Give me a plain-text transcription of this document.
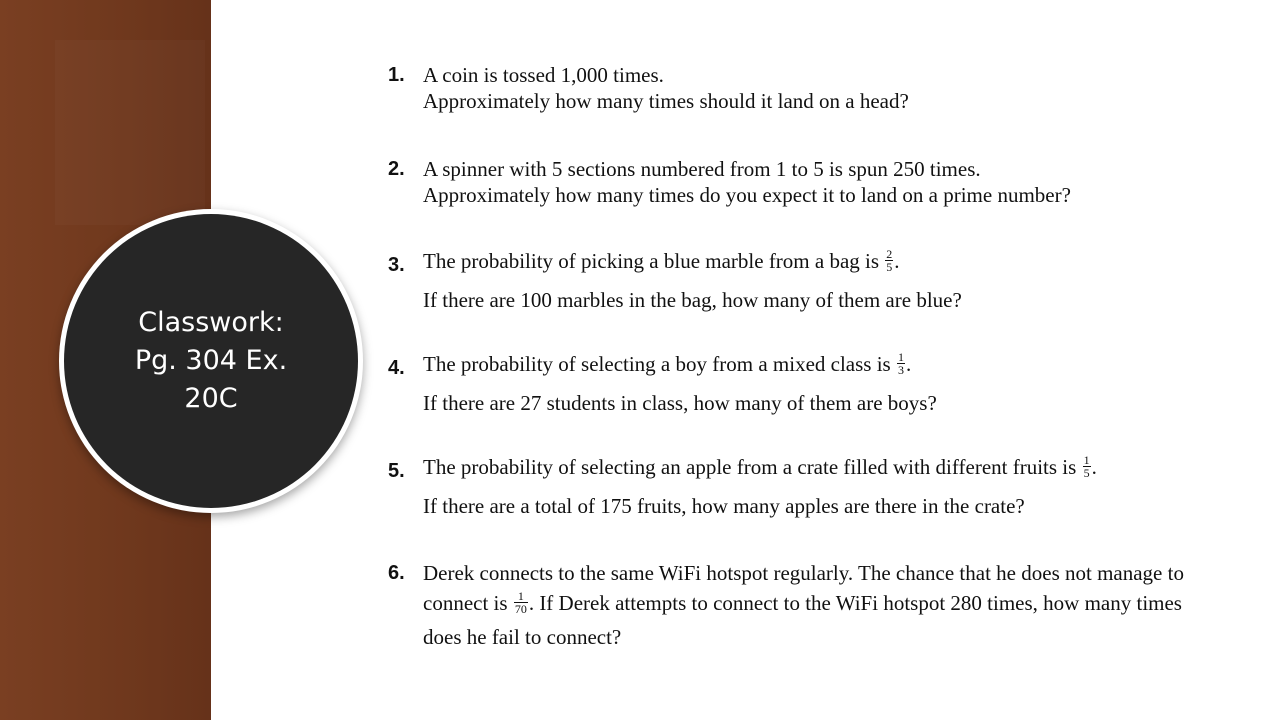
Classwork:
Pg. 304 Ex.
20C
1. A coin is tossed 1,000 times.
Approximately how many times should it land on a head?
2. A spinner with 5 sections numbered from 1 to 5 is spun 250 times.
Approximately how many times do you expect it to land on a prime number?
3. The probability of picking a blue marble from a bag is $\frac{2}{5}$ .
If there are 100 marbles in the bag, how many of them are blue?
4. The probability of selecting a boy from a mixed class is $\frac{1}{3}$ .
If there are 27 students in class, how many of them are boys?
5. The probability of selecting an apple from a crate filled with different fruits is $\frac{1}{5}$ .
If there are a total of 175 fruits, how many apples are there in the crate?
6. Derek connects to the same WiFi hotspot regularly. The chance that he does not manage to
connect is $\frac{1}{70}$ . If Derek attempts to connect to the WiFi hotspot 280 times, how many times
does he fail to connect?
